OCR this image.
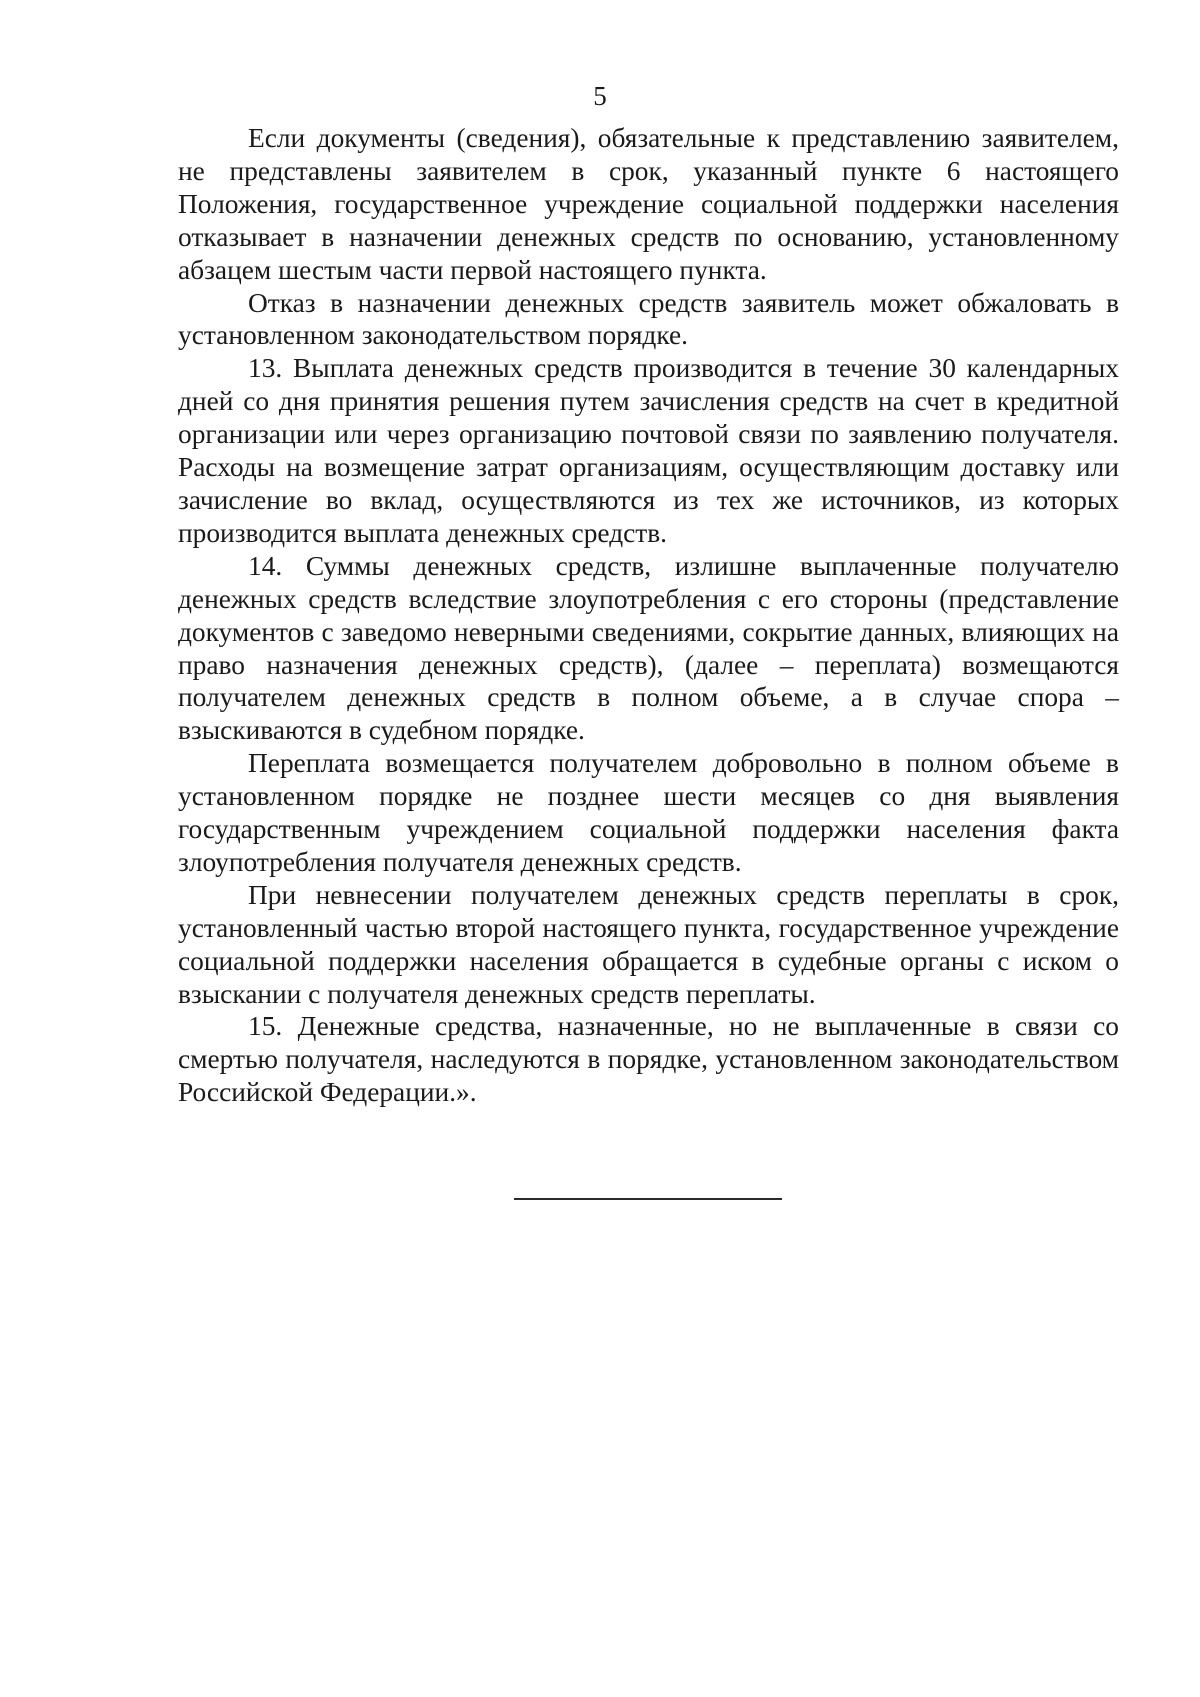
5

Если документы (сведения), обязательные к представлению заявителем, не представлены заявителем в срок, указанный пункте 6 настоящего Положения, государственное учреждение социальной поддержки населения отказывает в назначении денежных средств по основанию, установленному абзацем шестым части первой настоящего пункта.

Отказ в назначении денежных средств заявитель может обжаловать в установленном законодательством порядке.

13. Выплата денежных средств производится в течение 30 календарных дней со дня принятия решения путем зачисления средств на счет в кредитной организации или через организацию почтовой связи по заявлению получателя. Расходы на возмещение затрат организациям, осуществляющим доставку или зачисление во вклад, осуществляются из тех же источников, из которых производится выплата денежных средств.

14. Суммы денежных средств, излишне выплаченные получателю денежных средств вследствие злоупотребления с его стороны (представление документов с заведомо неверными сведениями, сокрытие данных, влияющих на право назначения денежных средств), (далее – переплата) возмещаются получателем денежных средств в полном объеме, а в случае спора – взыскиваются в судебном порядке.

Переплата возмещается получателем добровольно в полном объеме в установленном порядке не позднее шести месяцев со дня выявления государственным учреждением социальной поддержки населения факта злоупотребления получателя денежных средств.

При невнесении получателем денежных средств переплаты в срок, установленный частью второй настоящего пункта, государственное учреждение социальной поддержки населения обращается в судебные органы с иском о взыскании с получателя денежных средств переплаты.

15. Денежные средства, назначенные, но не выплаченные в связи со смертью получателя, наследуются в порядке, установленном законодательством Российской Федерации.».
